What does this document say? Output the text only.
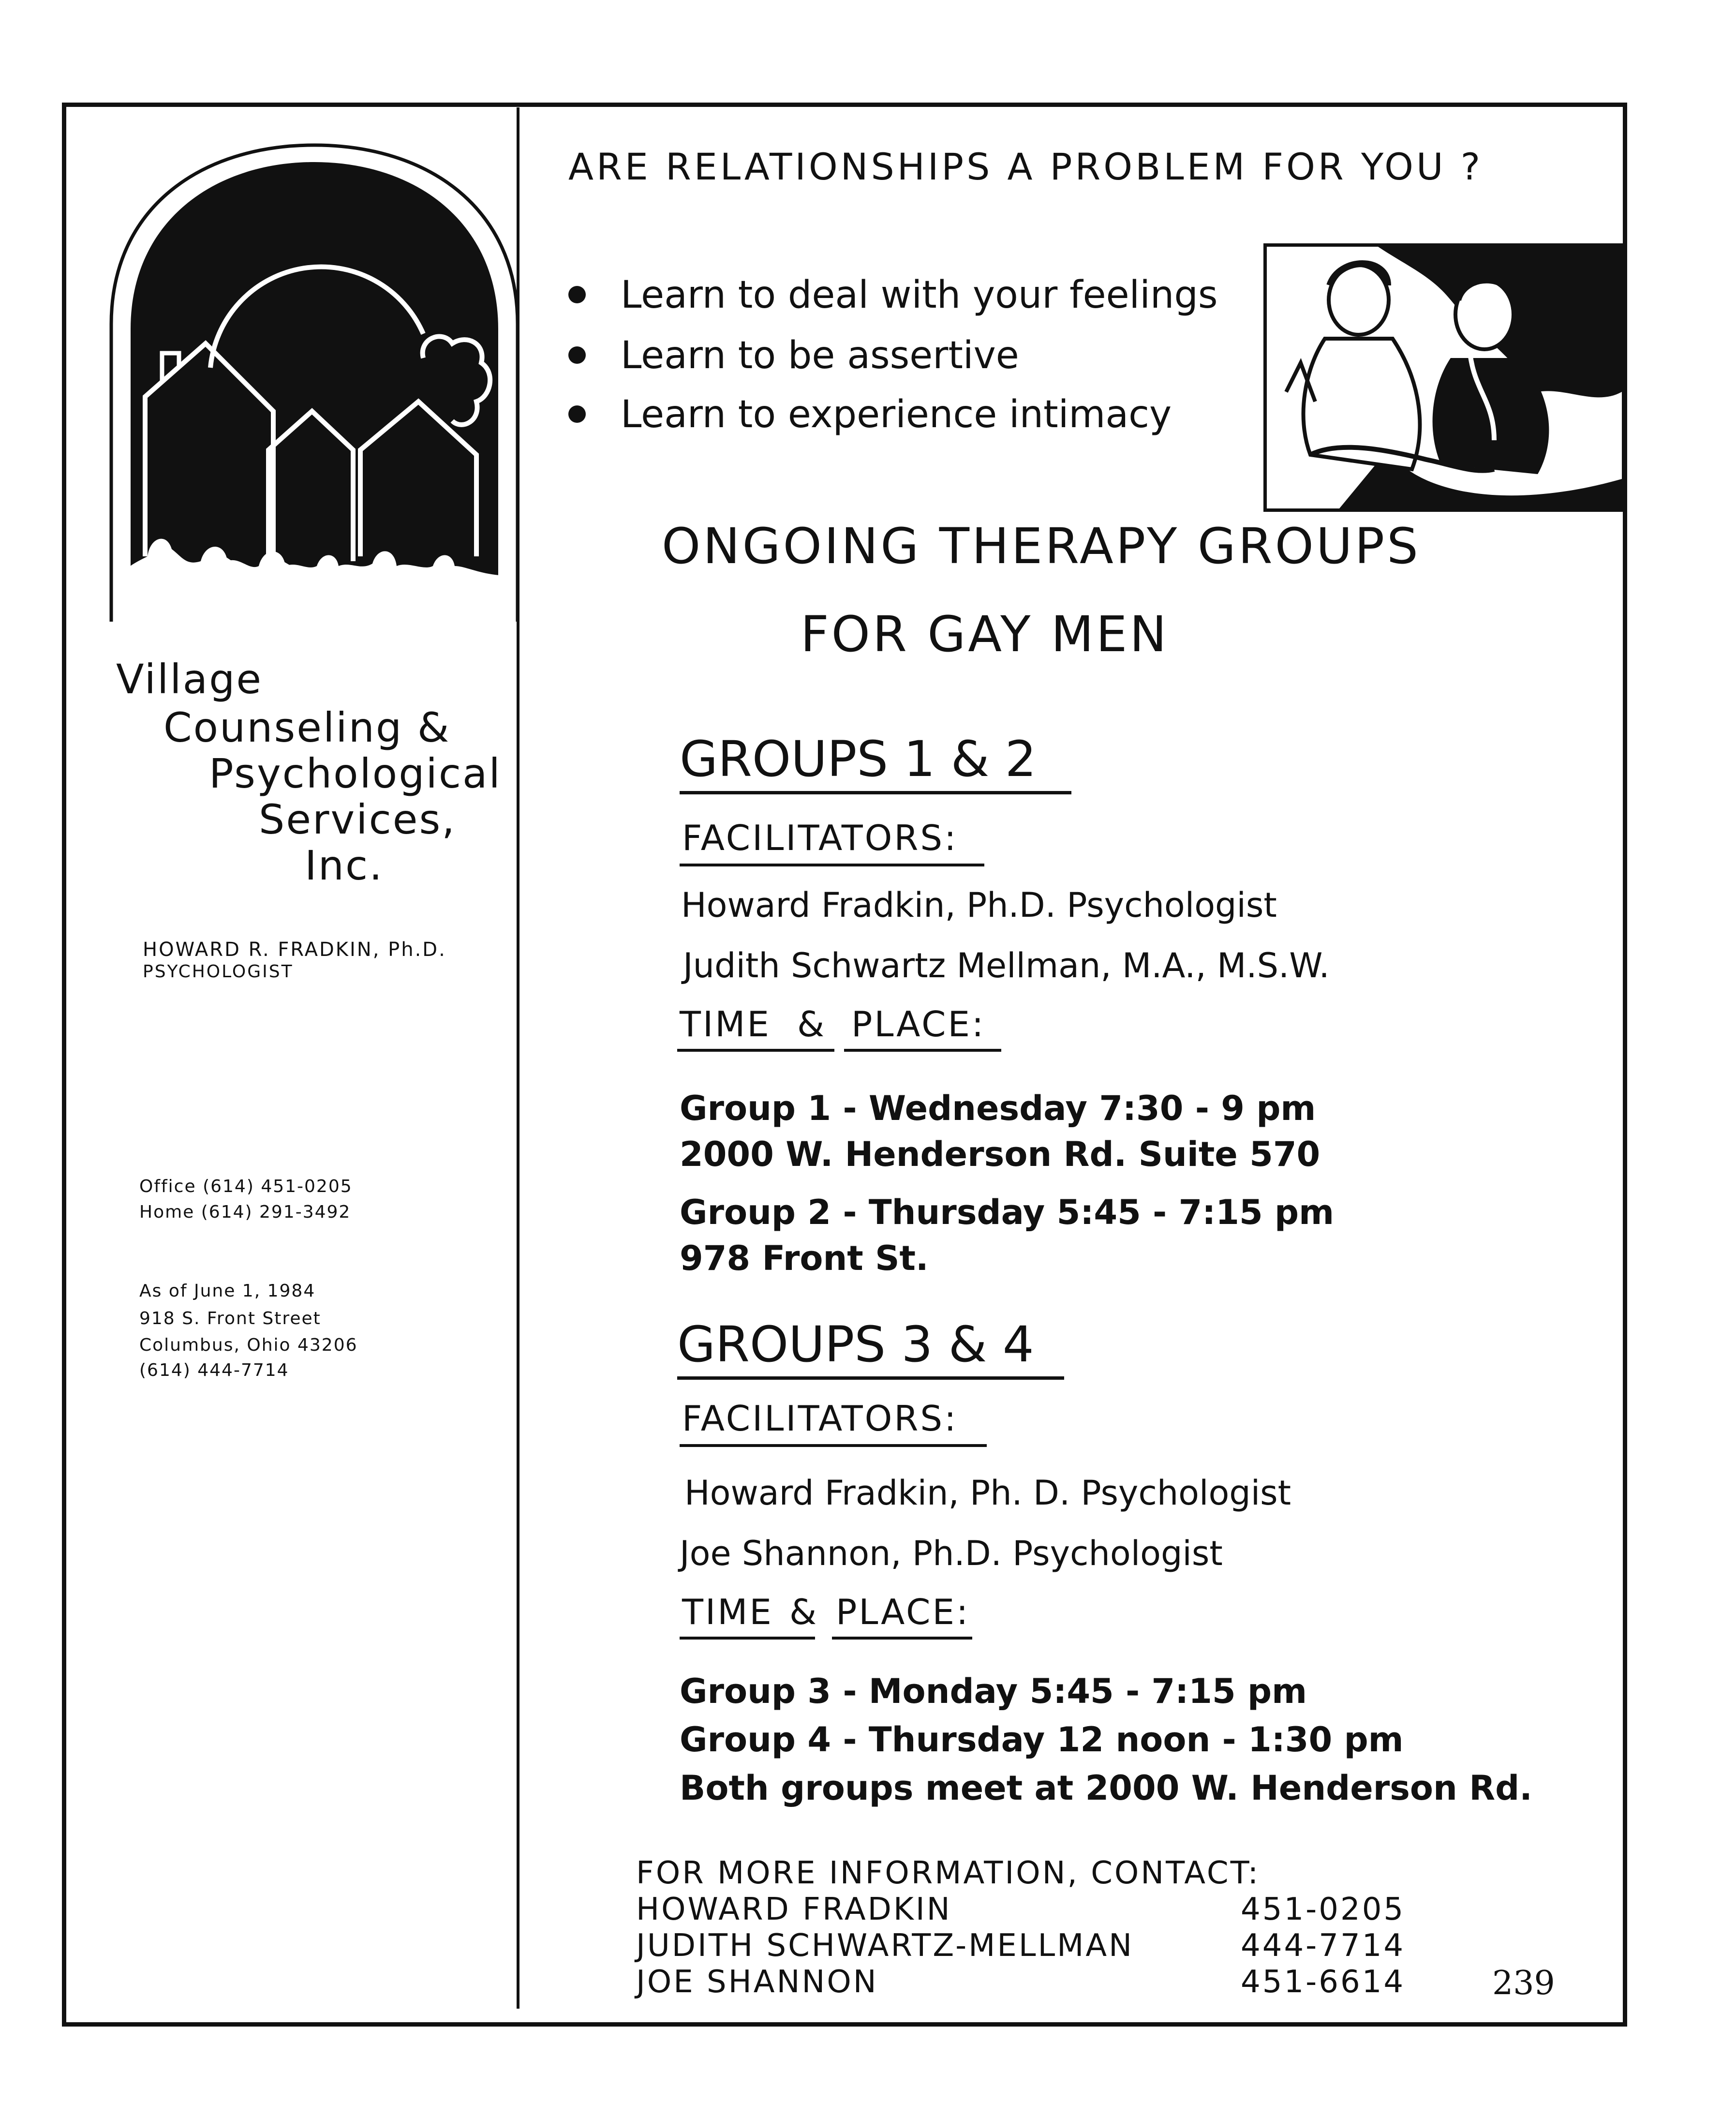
Village
Counseling &
Psychological
Services,
Inc.
HOWARD R. FRADKIN, Ph.D.
PSYCHOLOGIST
Office (614) 451-0205
Home (614) 291-3492
As of June 1, 1984
918 S. Front Street
Columbus, Ohio 43206
(614) 444-7714
ARE RELATIONSHIPS A PROBLEM FOR YOU ?
Learn to deal with your feelings
Learn to be assertive
Learn to experience intimacy
ONGOING THERAPY GROUPS
FOR GAY MEN
GROUPS 1 & 2
FACILITATORS:
Howard Fradkin, Ph.D. Psychologist
Judith Schwartz Mellman, M.A., M.S.W.
TIME & PLACE:
Group 1 - Wednesday 7:30 - 9 pm
2000 W. Henderson Rd. Suite 570
Group 2 - Thursday 5:45 - 7:15 pm
978 Front St.
GROUPS 3 & 4
FACILITATORS:
Howard Fradkin, Ph. D. Psychologist
Joe Shannon, Ph.D. Psychologist
TIME & PLACE:
Group 3 - Monday 5:45 - 7:15 pm
Group 4 - Thursday 12 noon - 1:30 pm
Both groups meet at 2000 W. Henderson Rd.
FOR MORE INFORMATION, CONTACT:
HOWARD FRADKIN	451-0205
JUDITH SCHWARTZ-MELLMAN	444-7714
JOE SHANNON	451-6614	239
